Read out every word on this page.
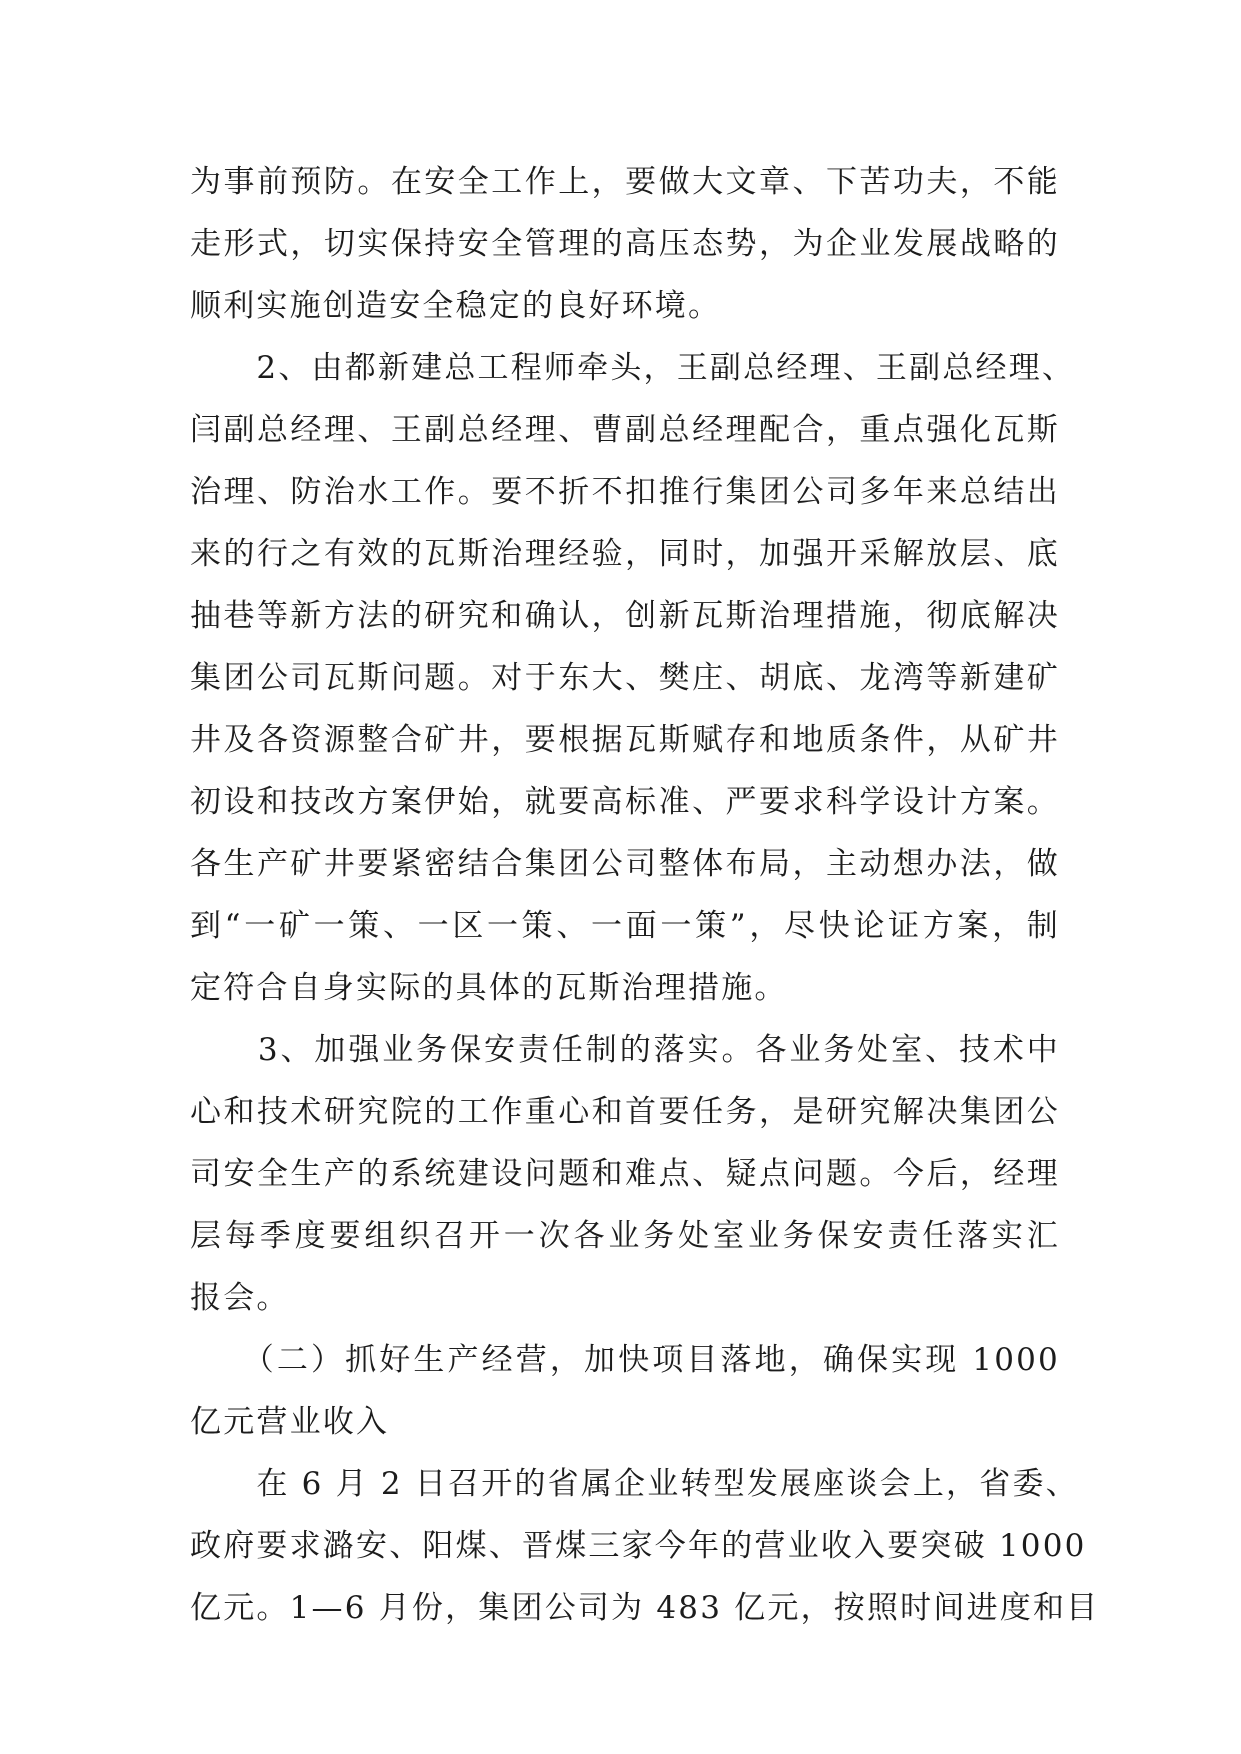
为事前预防。在安全工作上，要做大文章、下苦功夫，不能
走形式，切实保持安全管理的高压态势，为企业发展战略的
顺利实施创造安全稳定的良好环境。
　　2、由都新建总工程师牵头，王副总经理、王副总经理、
闫副总经理、王副总经理、曹副总经理配合，重点强化瓦斯
治理、防治水工作。要不折不扣推行集团公司多年来总结出
来的行之有效的瓦斯治理经验，同时，加强开采解放层、底
抽巷等新方法的研究和确认，创新瓦斯治理措施，彻底解决
集团公司瓦斯问题。对于东大、樊庄、胡底、龙湾等新建矿
井及各资源整合矿井，要根据瓦斯赋存和地质条件，从矿井
初设和技改方案伊始，就要高标准、严要求科学设计方案。
各生产矿井要紧密结合集团公司整体布局，主动想办法，做
到“一矿一策、一区一策、一面一策”，尽快论证方案，制
定符合自身实际的具体的瓦斯治理措施。
　　3、加强业务保安责任制的落实。各业务处室、技术中
心和技术研究院的工作重心和首要任务，是研究解决集团公
司安全生产的系统建设问题和难点、疑点问题。今后，经理
层每季度要组织召开一次各业务处室业务保安责任落实汇
报会。
　　（二）抓好生产经营，加快项目落地，确保实现 1000
亿元营业收入
　　在 6 月 2 日召开的省属企业转型发展座谈会上，省委、
政府要求潞安、阳煤、晋煤三家今年的营业收入要突破 1000
亿元。1—6 月份，集团公司为 483 亿元，按照时间进度和目
